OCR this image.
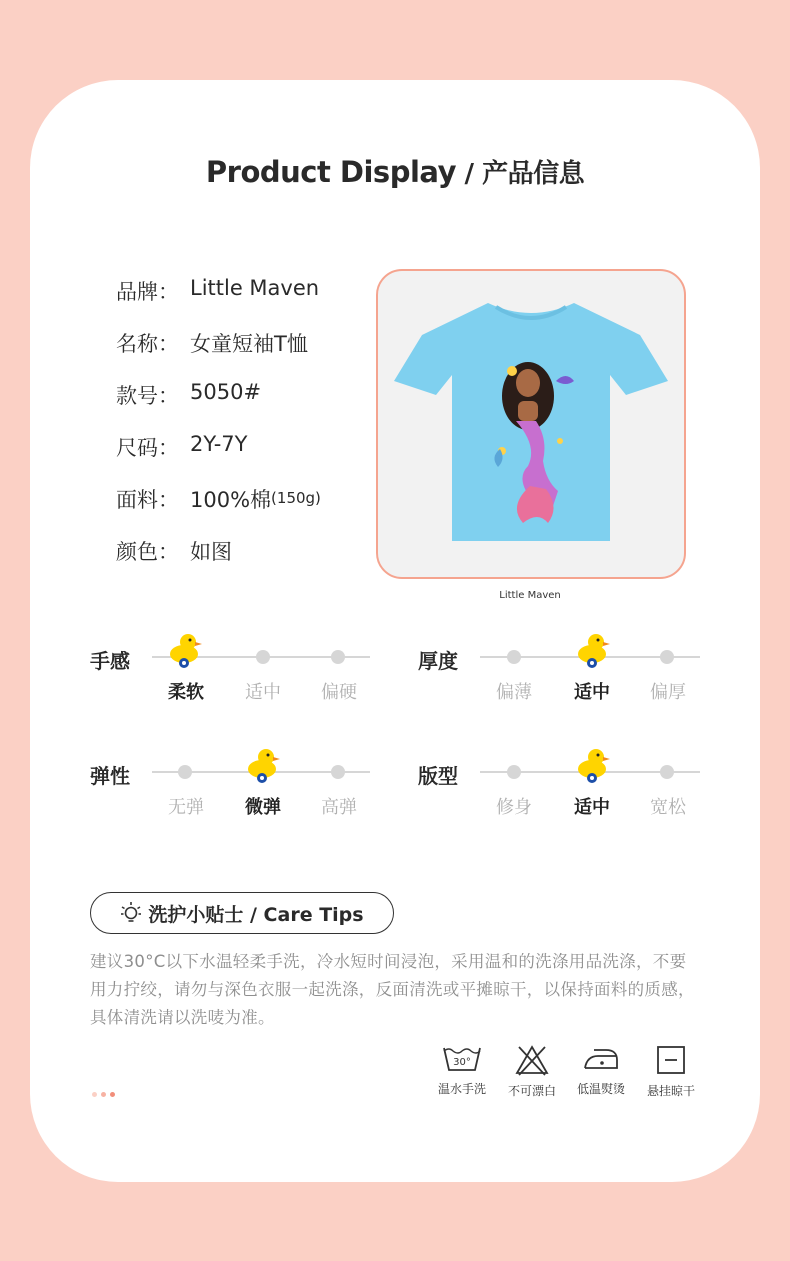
Product Display / 产品信息
品牌： Little Maven
名称： 女童短袖T恤
款号： 5050#
尺码： 2Y-7Y
面料： 100%棉 (150g)
颜色： 如图
Little Maven
手感
柔软	适中	偏硬
厚度
偏薄	适中	偏厚
弹性
无弹	微弹	高弹
版型
修身	适中	宽松
洗护小贴士 / Care Tips
建议30°C以下水温轻柔手洗，冷水短时间浸泡，采用温和的洗涤用品洗涤，不要用力拧绞，请勿与深色衣服一起洗涤，反面清洗或平摊晾干，以保持面料的质感，具体清洗请以洗唛为准。
30°
温水手洗	不可漂白	低温熨烫	悬挂晾干
